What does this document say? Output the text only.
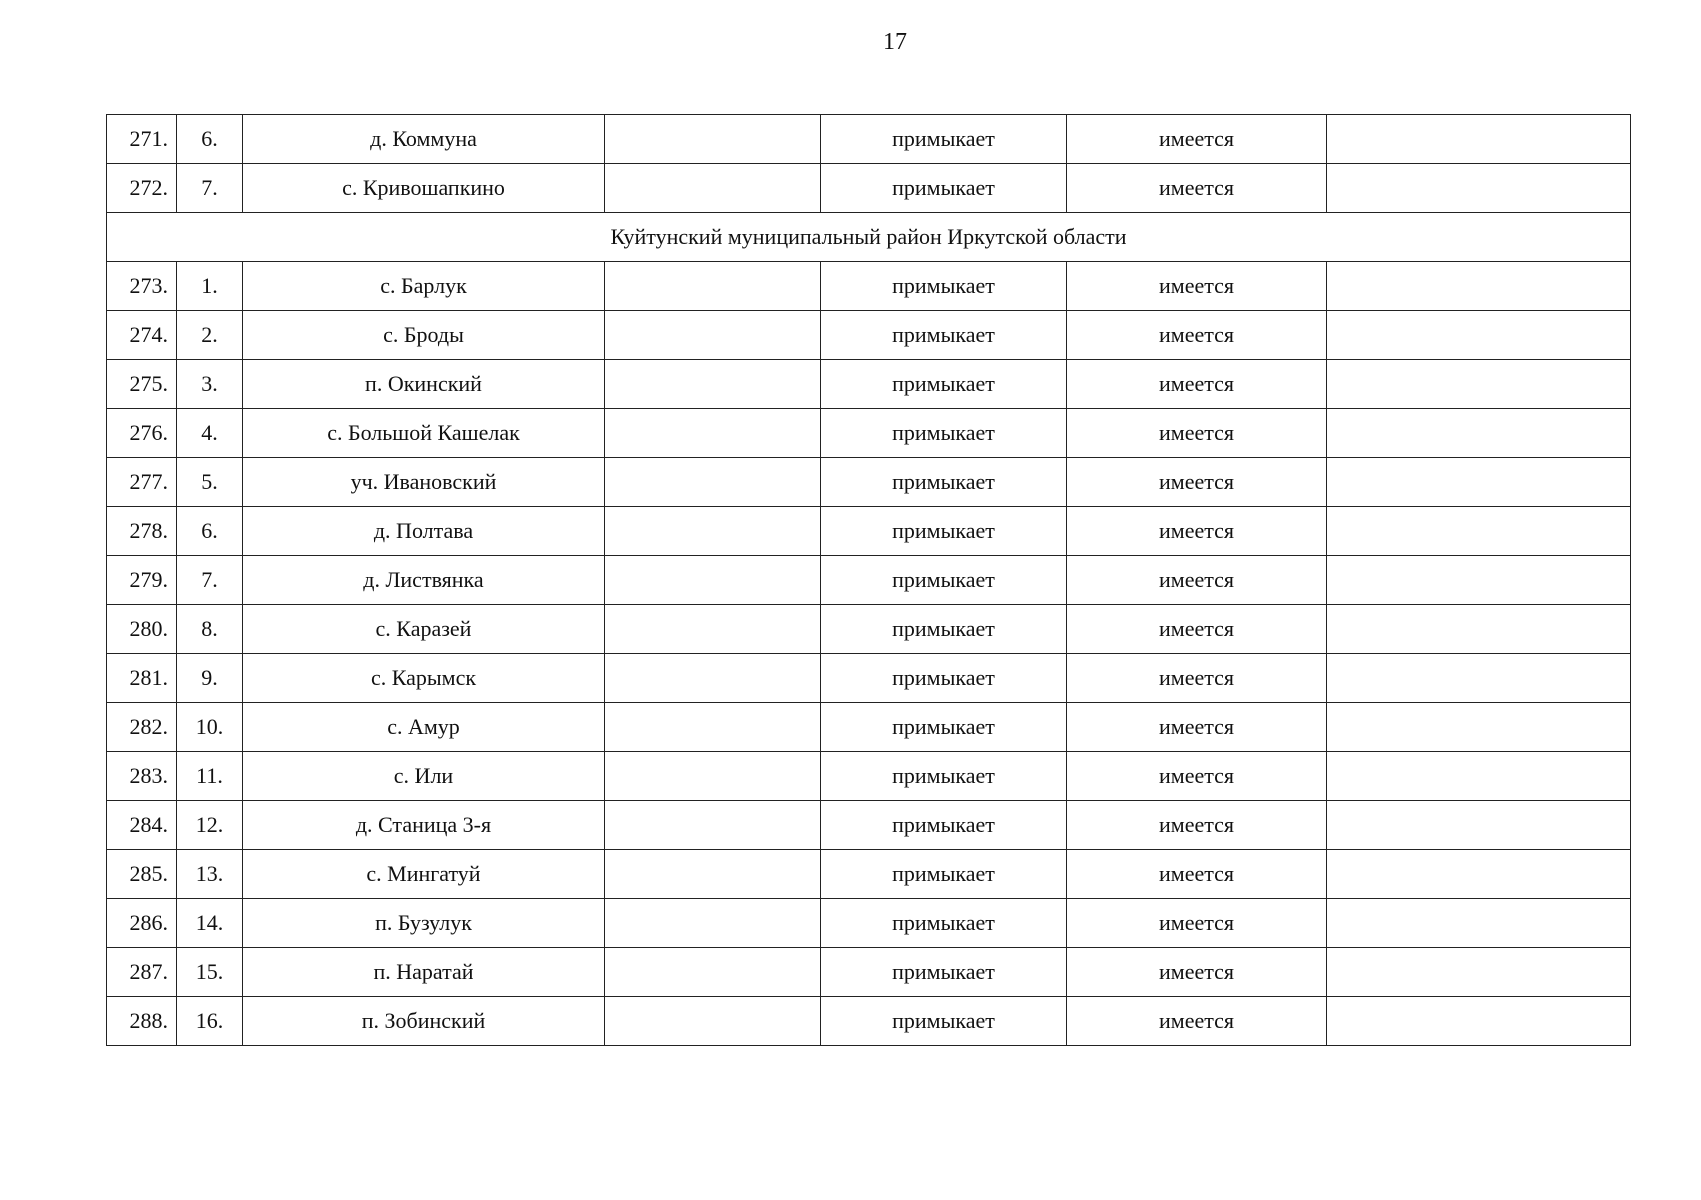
17
271.	6.	д. Коммуна		примыкает	имеется	
272.	7.	с. Кривошапкино		примыкает	имеется	
Куйтунский муниципальный район Иркутской области						
273.	1.	с. Барлук		примыкает	имеется	
274.	2.	с. Броды		примыкает	имеется	
275.	3.	п. Окинский		примыкает	имеется	
276.	4.	с. Большой Кашелак		примыкает	имеется	
277.	5.	уч. Ивановский		примыкает	имеется	
278.	6.	д. Полтава		примыкает	имеется	
279.	7.	д. Листвянка		примыкает	имеется	
280.	8.	с. Каразей		примыкает	имеется	
281.	9.	с. Карымск		примыкает	имеется	
282.	10.	с. Амур		примыкает	имеется	
283.	11.	с. Или		примыкает	имеется	
284.	12.	д. Станица 3-я		примыкает	имеется	
285.	13.	с. Мингатуй		примыкает	имеется	
286.	14.	п. Бузулук		примыкает	имеется	
287.	15.	п. Наратай		примыкает	имеется	
288.	16.	п. Зобинский		примыкает	имеется	
